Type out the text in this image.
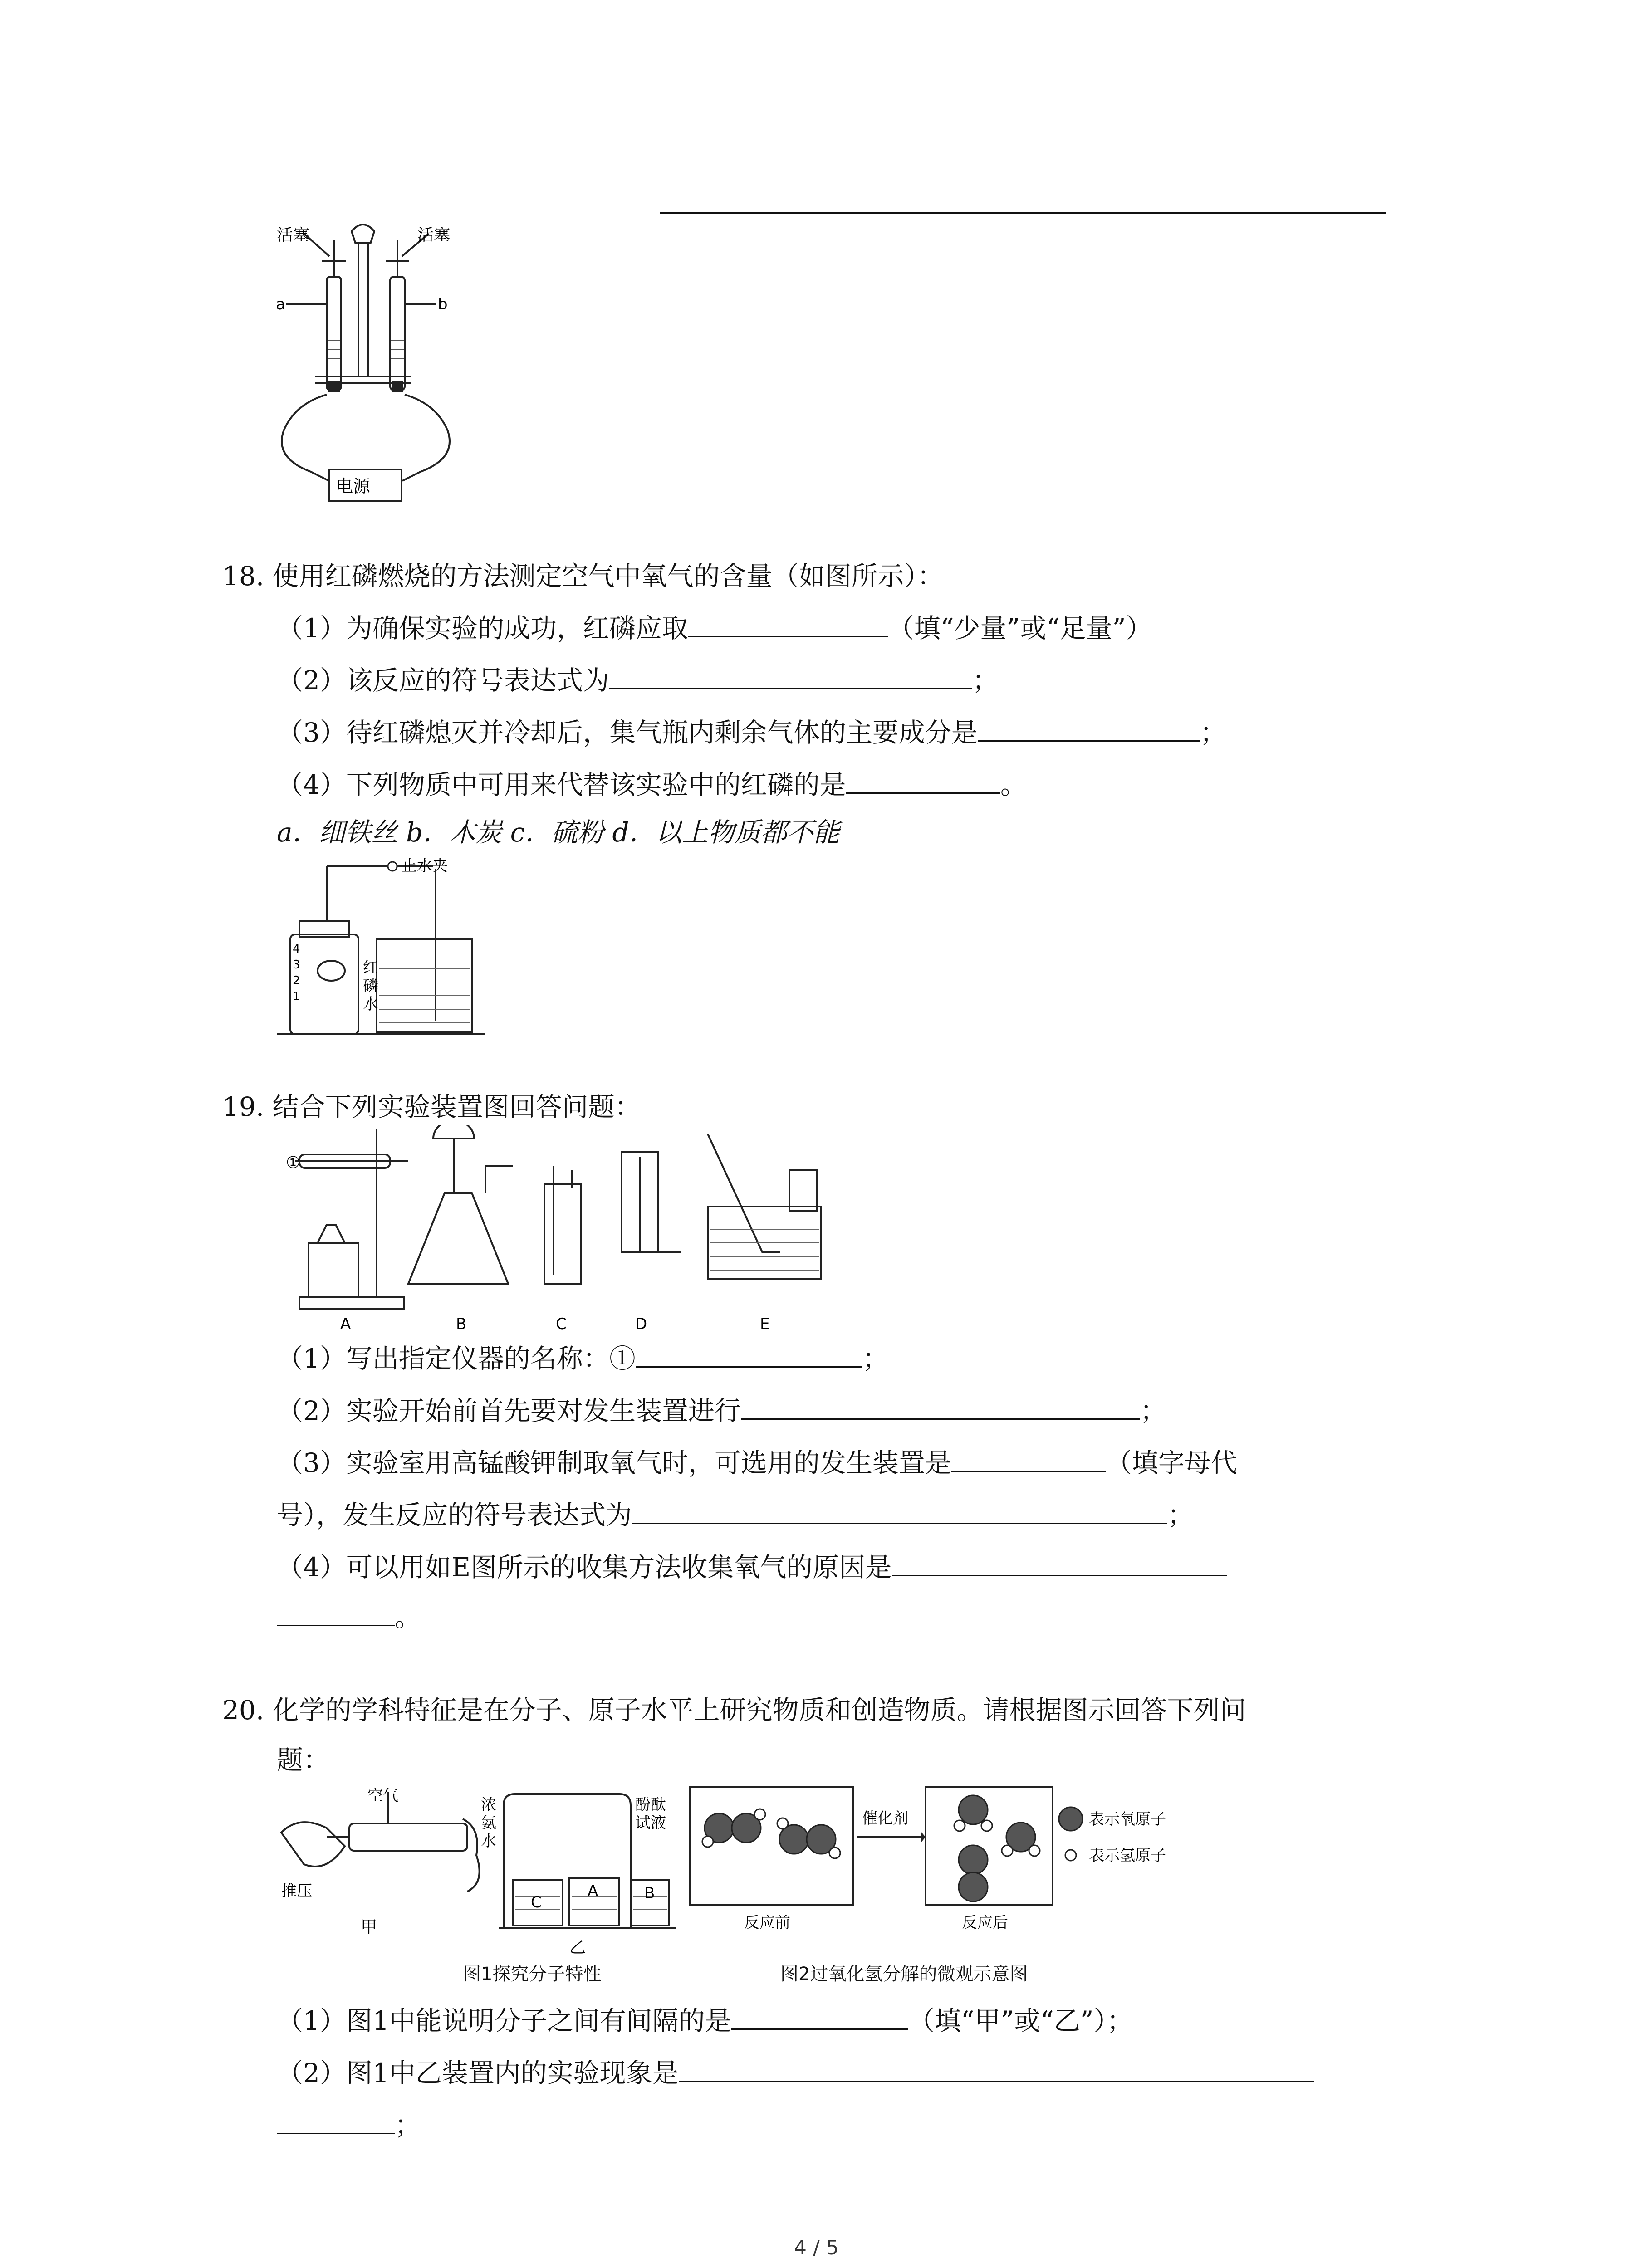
活塞	活塞
a	b
电源
18. 使用红磷燃烧的方法测定空气中氧气的含量（如图所示）：
（1）为确保实验的成功，红磷应取	（填“少量”或“足量”）
（2）该反应的符号表达式为	；
（3）待红磷熄灭并冷却后，集气瓶内剩余气体的主要成分是	；
（4）下列物质中可用来代替该实验中的红磷的是	。
a．细铁丝 b．木炭 c．硫粉 d．以上物质都不能
止水夹
红
磷
水
4
3
2
1
19. 结合下列实验装置图回答问题：
①
A	B	C	D	E
（1）写出指定仪器的名称：①	；
（2）实验开始前首先要对发生装置进行	；
（3）实验室用高锰酸钾制取氧气时，可选用的发生装置是	（填字母代
号），发生反应的符号表达式为	；
（4）可以用如E图所示的收集方法收集氧气的原因是
。
20. 化学的学科特征是在分子、原子水平上研究物质和创造物质。请根据图示回答下列问
题：
空气
推压
甲
浓
氨
水
酚酞
试液
C
A	B
乙
催化剂
反应前	反应后
表示氧原子
表示氢原子
图1探究分子特性	图2过氧化氢分解的微观示意图
（1）图1中能说明分子之间有间隔的是	（填“甲”或“乙”）；
（2）图1中乙装置内的实验现象是
；
4 / 5
